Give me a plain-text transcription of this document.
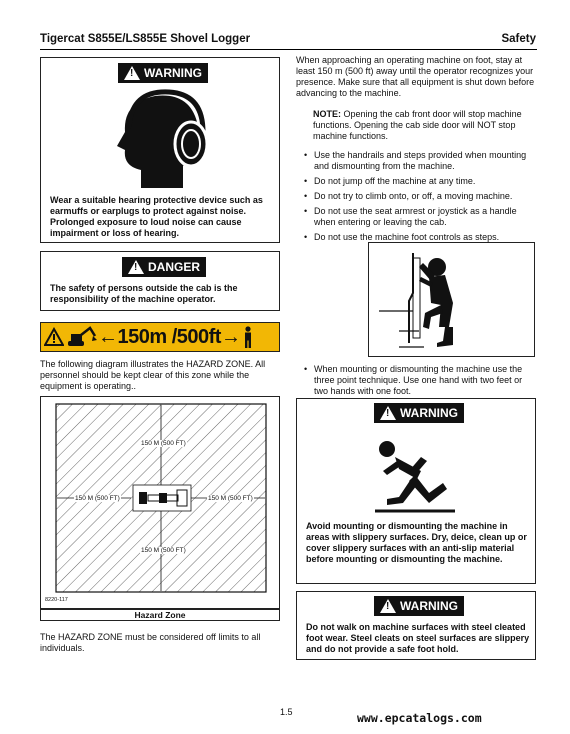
Tigercat S855E/LS855E Shovel Logger	Safety
! WARNING
Wear a suitable hearing protective device such as earmuffs or earplugs to protect against noise. Prolonged exposure to loud noise can cause impairment or loss of hearing.
! DANGER
The safety of persons outside the cab is the responsibility of the machine operator.
←150m /500ft→
The following diagram illustrates the HAZARD ZONE. All personnel should be kept clear of this zone while the equipment is operating..
150 M (500 FT)
150 M (500 FT)
150 M (500 FT)	150 M (500 FT)
8220-117
Hazard Zone
The HAZARD ZONE must be considered off limits to all individuals.
When approaching an operating machine on foot, stay at least 150 m (500 ft) away until the operator recognizes your presence. Make sure that all equipment is shut down before advancing to the machine.
NOTE: Opening the cab front door will stop machine functions. Opening the cab side door will NOT stop machine functions.
• Use the handrails and steps provided when mounting and dismounting from the machine.
• Do not jump off the machine at any time.
• Do not try to climb onto, or off, a moving machine.
• Do not use the seat armrest or joystick as a handle when entering or leaving the cab.
• Do not use the machine foot controls as steps.
• When mounting or dismounting the machine use the three point technique. Use one hand with two feet or two hands with one foot.
! WARNING
Avoid mounting or dismounting the machine in areas with slippery surfaces. Dry, deice, clean up or cover slippery surfaces with an anti-slip material before mounting or dismounting the machine.
! WARNING
Do not walk on machine surfaces with steel cleated foot wear. Steel cleats on steel surfaces are slippery and do not provide a safe foot hold.
1.5	www.epcatalogs.com
